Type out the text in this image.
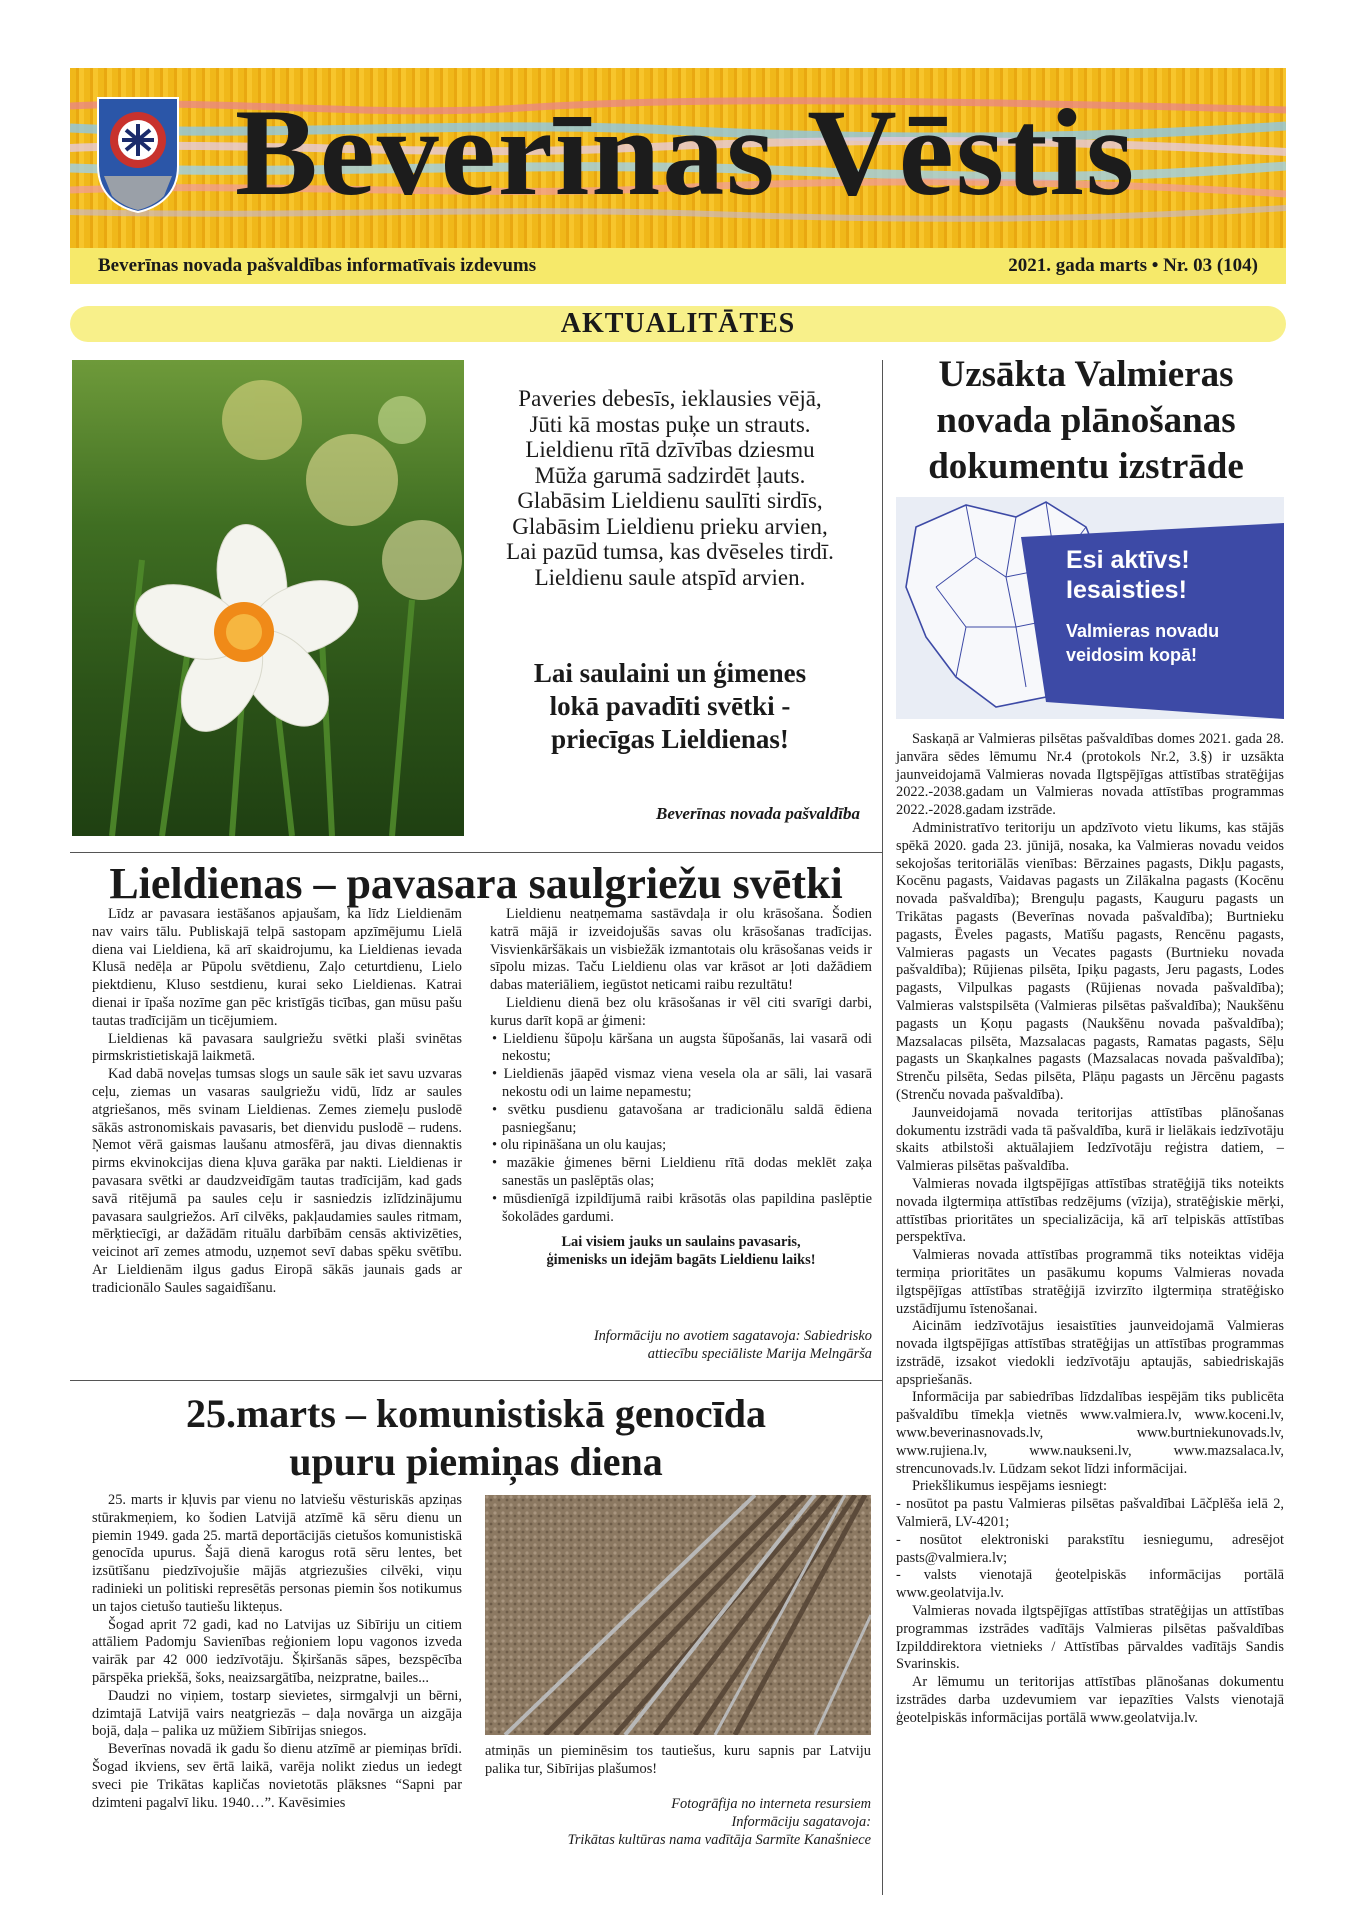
Beverīnas Vēstis
Beverīnas novada pašvaldības informatīvais izdevums	2021. gada marts • Nr. 03 (104)
AKTUALITĀTES
Paveries debesīs, ieklausies vējā,
Jūti kā mostas puķe un strauts.
Lieldienu rītā dzīvības dziesmu
Mūža garumā sadzirdēt ļauts.
Glabāsim Lieldienu saulīti sirdīs,
Glabāsim Lieldienu prieku arvien,
Lai pazūd tumsa, kas dvēseles tirdī.
Lieldienu saule atspīd arvien.
Lai saulaini un ģimenes
lokā pavadīti svētki -
priecīgas Lieldienas!
Beverīnas novada pašvaldība
Lieldienas – pavasara saulgriežu svētki

Līdz ar pavasara iestāšanos apjaušam, ka līdz Lieldienām nav vairs tālu. Publiskajā telpā sastopam apzīmējumu Lielā diena vai Lieldiena, kā arī skaidrojumu, ka Lieldienas ievada Klusā nedēļa ar Pūpolu svētdienu, Zaļo ceturtdienu, Lielo piektdienu, Kluso sestdienu, kurai seko Lieldienas. Katrai dienai ir īpaša nozīme gan pēc kristīgās ticības, gan mūsu pašu tautas tradīcijām un ticējumiem.

Lieldienas kā pavasara saulgriežu svētki plaši svinētas pirmskristietiskajā laikmetā.

Kad dabā noveļas tumsas slogs un saule sāk iet savu uzvaras ceļu, ziemas un vasaras saulgriežu vidū, līdz ar saules atgriešanos, mēs svinam Lieldienas. Zemes ziemeļu puslodē sākās astronomiskais pavasaris, bet dienvidu puslodē – rudens. Ņemot vērā gaismas laušanu atmosfērā, jau divas diennaktis pirms ekvinokcijas diena kļuva garāka par nakti. Lieldienas ir pavasara svētki ar daudzveidīgām tautas tradīcijām, kad gads savā ritējumā pa saules ceļu ir sasniedzis izlīdzinājumu pavasara saulgriežos. Arī cilvēks, pakļaudamies saules ritmam, mērķtiecīgi, ar dažādām rituālu darbībām censās aktivizēties, veicinot arī zemes atmodu, uzņemot sevī dabas spēku svētību. Ar Lieldienām ilgus gadus Eiropā sākās jaunais gads ar tradicionālo Saules sagaidīšanu.

Lieldienu neatņemama sastāvdaļa ir olu krāsošana. Šodien katrā mājā ir izveidojušās savas olu krāsošanas tradīcijas. Visvienkāršākais un visbiežāk izmantotais olu krāsošanas veids ir sīpolu mizas. Taču Lieldienu olas var krāsot ar ļoti dažādiem dabas materiāliem, iegūstot neticami raibu rezultātu!

Lieldienu dienā bez olu krāsošanas ir vēl citi svarīgi darbi, kurus darīt kopā ar ģimeni:

• Lieldienu šūpoļu kāršana un augsta šūpošanās, lai vasarā odi nekostu;
• Lieldienās jāapēd vismaz viena vesela ola ar sāli, lai vasarā nekostu odi un laime nepamestu;
• svētku pusdienu gatavošana ar tradicionālu saldā ēdiena pasniegšanu;
• olu ripināšana un olu kaujas;
• mazākie ģimenes bērni Lieldienu rītā dodas meklēt zaķa sanestās un paslēptās olas;
• mūsdienīgā izpildījumā raibi krāsotās olas papildina paslēptie šokolādes gardumi.
Lai visiem jauks un saulains pavasaris,
ģimenisks un idejām bagāts Lieldienu laiks!
Informāciju no avotiem sagatavoja: Sabiedrisko
attiecību speciāliste Marija Melngārša
25.marts – komunistiskā genocīda
upuru piemiņas diena

25. marts ir kļuvis par vienu no latviešu vēsturiskās apziņas stūrakmeņiem, ko šodien Latvijā atzīmē kā sēru dienu un piemin 1949. gada 25. martā deportācijās cietušos komunistiskā genocīda upurus. Šajā dienā karogus rotā sēru lentes, bet izsūtīšanu piedzīvojušie mājās atgriezušies cilvēki, viņu radinieki un politiski represētās personas piemin šos notikumus un tajos cietušo tautiešu likteņus.

Šogad aprit 72 gadi, kad no Latvijas uz Sibīriju un citiem attāliem Padomju Savienības reģioniem lopu vagonos izveda vairāk par 42 000 iedzīvotāju. Šķiršanās sāpes, bezspēcība pārspēka priekšā, šoks, neaizsargātība, neizpratne, bailes...

Daudzi no viņiem, tostarp sievietes, sirmgalvji un bērni, dzimtajā Latvijā vairs neatgriezās – daļa novārga un aizgāja bojā, daļa – palika uz mūžiem Sibīrijas sniegos.

Beverīnas novadā ik gadu šo dienu atzīmē ar piemiņas brīdi. Šogad ikviens, sev ērtā laikā, varēja nolikt ziedus un iedegt sveci pie Trikātas kapličas novietotās plāksnes “Sapni par dzimteni pagalvī liku. 1940…”. Kavēsimies

atmiņās un pieminēsim tos tautiešus, kuru sapnis par Latviju palika tur, Sibīrijas plašumos!

Fotogrāfija no interneta resursiem
Informāciju sagatavoja:
Trikātas kultūras nama vadītāja Sarmīte Kanašniece
Uzsākta Valmieras
novada plānošanas
dokumentu izstrāde
Esi aktīvs!
Iesaisties!
Valmieras novadu
veidosim kopā!

Saskaņā ar Valmieras pilsētas pašvaldības domes 2021. gada 28. janvāra sēdes lēmumu Nr.4 (protokols Nr.2, 3.§) ir uzsākta jaunveidojamā Valmieras novada Ilgtspējīgas attīstības stratēģijas 2022.-2038.gadam un Valmieras novada attīstības programmas 2022.-2028.gadam izstrāde.

Administratīvo teritoriju un apdzīvoto vietu likums, kas stājās spēkā 2020. gada 23. jūnijā, nosaka, ka Valmieras novadu veidos sekojošas teritoriālās vienības: Bērzaines pagasts, Dikļu pagasts, Kocēnu pagasts, Vaidavas pagasts un Zilākalna pagasts (Kocēnu novada pašvaldība); Brenguļu pagasts, Kauguru pagasts un Trikātas pagasts (Beverīnas novada pašvaldība); Burtnieku pagasts, Ēveles pagasts, Matīšu pagasts, Rencēnu pagasts, Valmieras pagasts un Vecates pagasts (Burtnieku novada pašvaldība); Rūjienas pilsēta, Ipiķu pagasts, Jeru pagasts, Lodes pagasts, Vilpulkas pagasts (Rūjienas novada pašvaldība); Valmieras valstspilsēta (Valmieras pilsētas pašvaldība); Naukšēnu pagasts un Ķoņu pagasts (Naukšēnu novada pašvaldība); Mazsalacas pilsēta, Mazsalacas pagasts, Ramatas pagasts, Sēļu pagasts un Skaņkalnes pagasts (Mazsalacas novada pašvaldība); Strenču pilsēta, Sedas pilsēta, Plāņu pagasts un Jērcēnu pagasts (Strenču novada pašvaldība).

Jaunveidojamā novada teritorijas attīstības plānošanas dokumentu izstrādi vada tā pašvaldība, kurā ir lielākais iedzīvotāju skaits atbilstoši aktuālajiem Iedzīvotāju reģistra datiem, – Valmieras pilsētas pašvaldība.

Valmieras novada ilgtspējīgas attīstības stratēģijā tiks noteikts novada ilgtermiņa attīstības redzējums (vīzija), stratēģiskie mērķi, attīstības prioritātes un specializācija, kā arī telpiskās attīstības perspektīva.

Valmieras novada attīstības programmā tiks noteiktas vidēja termiņa prioritātes un pasākumu kopums Valmieras novada ilgtspējīgas attīstības stratēģijā izvirzīto ilgtermiņa stratēģisko uzstādījumu īstenošanai.

Aicinām iedzīvotājus iesaistīties jaunveidojamā Valmieras novada ilgtspējīgas attīstības stratēģijas un attīstības programmas izstrādē, izsakot viedokli iedzīvotāju aptaujās, sabiedriskajās apspriešanās.

Informācija par sabiedrības līdzdalības iespējām tiks publicēta pašvaldību tīmekļa vietnēs www.valmiera.lv, www.koceni.lv, www.beverinasnovads.lv, www.burtniekunovads.lv, www.rujiena.lv, www.naukseni.lv, www.mazsalaca.lv, strencunovads.lv. Lūdzam sekot līdzi informācijai.

Priekšlikumus iespējams iesniegt:

- nosūtot pa pastu Valmieras pilsētas pašvaldībai Lāčplēša ielā 2, Valmierā, LV-4201;
- nosūtot elektroniski parakstītu iesniegumu, adresējot pasts@valmiera.lv;
- valsts vienotajā ģeotelpiskās informācijas portālā www.geolatvija.lv.

Valmieras novada ilgtspējīgas attīstības stratēģijas un attīstības programmas izstrādes vadītājs Valmieras pilsētas pašvaldības Izpilddirektora vietnieks / Attīstības pārvaldes vadītājs Sandis Svarinskis.

Ar lēmumu un teritorijas attīstības plānošanas dokumentu izstrādes darba uzdevumiem var iepazīties Valsts vienotajā ģeotelpiskās informācijas portālā www.geolatvija.lv.
